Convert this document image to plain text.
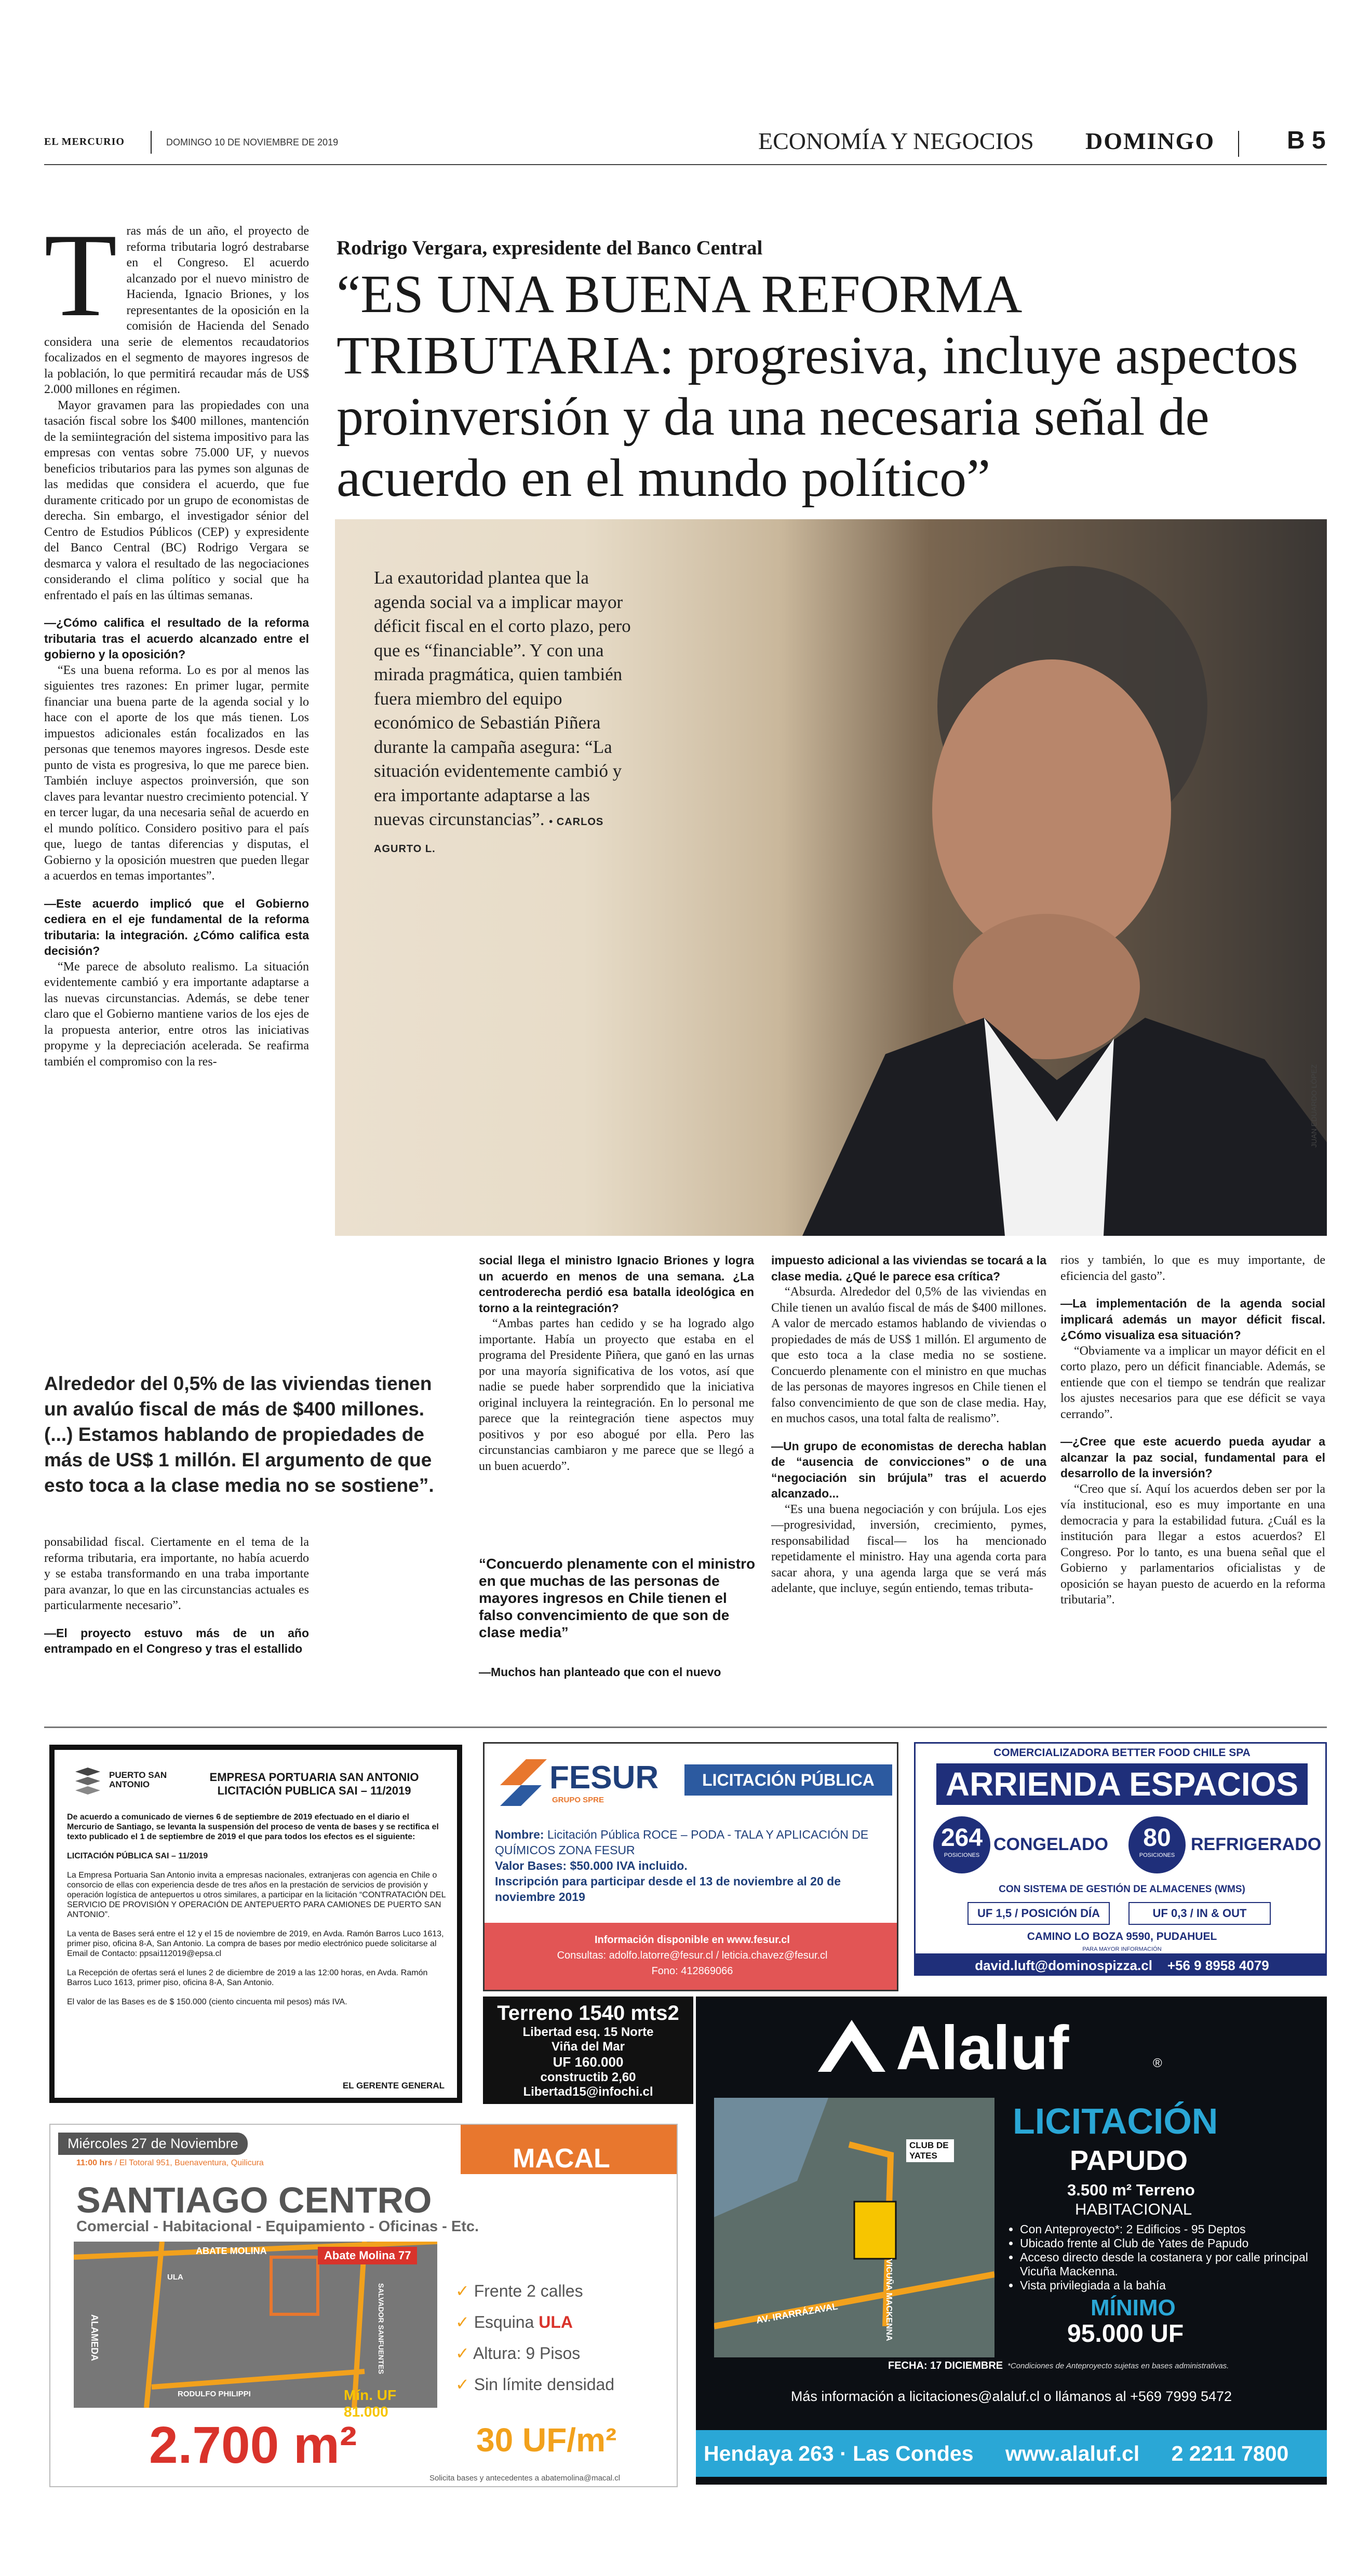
EL MERCURIO	DOMINGO 10 DE NOVIEMBRE DE 2019	ECONOMÍA Y NEGOCIOS DOMINGO	B 5
Rodrigo Vergara, expresidente del Banco Central
“ES UNA BUENA REFORMA TRIBUTARIA: progresiva, incluye aspectos proinversión y da una necesaria señal de acuerdo en el mundo político”
T ras más de un año, el proyecto de reforma tributaria logró destrabarse en el Congreso. El acuerdo alcanzado por el nuevo ministro de Hacienda, Ignacio Briones, y los representantes de la oposición en la comisión de Hacienda del Senado considera una serie de elementos recaudatorios focalizados en el segmento de mayores ingresos de la población, lo que permitirá recaudar más de US$ 2.000 millones en régimen.

Mayor gravamen para las propiedades con una tasación fiscal sobre los $400 millones, mantención de la semiintegración del sistema impositivo para las empresas con ventas sobre 75.000 UF, y nuevos beneficios tributarios para las pymes son algunas de las medidas que considera el acuerdo, que fue duramente criticado por un grupo de economistas de derecha. Sin embargo, el investigador sénior del Centro de Estudios Públicos (CEP) y expresidente del Banco Central (BC) Rodrigo Vergara se desmarca y valora el resultado de las negociaciones considerando el clima político y social que ha enfrentado el país en las últimas semanas.

—¿Cómo califica el resultado de la reforma tributaria tras el acuerdo alcanzado entre el gobierno y la oposición?

“Es una buena reforma. Lo es por al menos las siguientes tres razones: En primer lugar, permite financiar una buena parte de la agenda social y lo hace con el aporte de los que más tienen. Los impuestos adicionales están focalizados en las personas que tenemos mayores ingresos. Desde este punto de vista es progresiva, lo que me parece bien. También incluye aspectos proinversión, que son claves para levantar nuestro crecimiento potencial. Y en tercer lugar, da una necesaria señal de acuerdo en el mundo político. Considero positivo para el país que, luego de tantas diferencias y disputas, el Gobierno y la oposición muestren que pueden llegar a acuerdos en temas importantes”.

—Este acuerdo implicó que el Gobierno cediera en el eje fundamental de la reforma tributaria: la integración. ¿Cómo califica esta decisión?

“Me parece de absoluto realismo. La situación evidentemente cambió y era importante adaptarse a las nuevas circunstancias. Además, se debe tener claro que el Gobierno mantiene varios de los ejes de la propuesta anterior, entre otros las iniciativas propyme y la depreciación acelerada. Se reafirma también el compromiso con la res-

La exautoridad plantea que la agenda social va a implicar mayor déficit fiscal en el corto plazo, pero que es “financiable”. Y con una mirada pragmática, quien también fuera miembro del equipo económico de Sebastián Piñera durante la campaña asegura: “La situación evidentemente cambió y era importante adaptarse a las nuevas circunstancias”. • CARLOS AGURTO L.
JUAN EDUARDO LÓPEZ
Alrededor del 0,5% de las viviendas tienen un avalúo fiscal de más de $400 millones. (...) Estamos hablando de propiedades de más de US$ 1 millón. El argumento de que esto toca a la clase media no se sostiene”.

ponsabilidad fiscal. Ciertamente en el tema de la reforma tributaria, era importante, no había acuerdo y se estaba transformando en una traba importante para avanzar, lo que en las circunstancias actuales es particularmente necesario”.

—El proyecto estuvo más de un año entrampado en el Congreso y tras el estallido

social llega el ministro Ignacio Briones y logra un acuerdo en menos de una semana. ¿La centroderecha perdió esa batalla ideológica en torno a la reintegración?

“Ambas partes han cedido y se ha logrado algo importante. Había un proyecto que estaba en el programa del Presidente Piñera, que ganó en las urnas por una mayoría significativa de los votos, así que nadie se puede haber sorprendido que la iniciativa original incluyera la reintegración. En lo personal me parece que la reintegración tiene aspectos muy positivos y por eso abogué por ella. Pero las circunstancias cambiaron y me parece que se llegó a un buen acuerdo”.

“Concuerdo plenamente con el ministro en que muchas de las personas de mayores ingresos en Chile tienen el falso convencimiento de que son de clase media”

—Muchos han planteado que con el nuevo

impuesto adicional a las viviendas se tocará a la clase media. ¿Qué le parece esa crítica?

“Absurda. Alrededor del 0,5% de las viviendas en Chile tienen un avalúo fiscal de más de $400 millones. A valor de mercado estamos hablando de viviendas o propiedades de más de US$ 1 millón. El argumento de que esto toca a la clase media no se sostiene. Concuerdo plenamente con el ministro en que muchas de las personas de mayores ingresos en Chile tienen el falso convencimiento de que son de clase media. Hay, en muchos casos, una total falta de realismo”.

—Un grupo de economistas de derecha hablan de “ausencia de convicciones” o de una “negociación sin brújula” tras el acuerdo alcanzado...

“Es una buena negociación y con brújula. Los ejes —progresividad, inversión, crecimiento, pymes, responsabilidad fiscal— los ha mencionado repetidamente el ministro. Hay una agenda corta para sacar ahora, y una agenda larga que se verá más adelante, que incluye, según entiendo, temas tributa-

rios y también, lo que es muy importante, de eficiencia del gasto”.

—La implementación de la agenda social implicará además un mayor déficit fiscal. ¿Cómo visualiza esa situación?

“Obviamente va a implicar un mayor déficit en el corto plazo, pero un déficit financiable. Además, se entiende que con el tiempo se tendrán que realizar los ajustes necesarios para que ese déficit se vaya cerrando”.

—¿Cree que este acuerdo pueda ayudar a alcanzar la paz social, fundamental para el desarrollo de la inversión?

“Creo que sí. Aquí los acuerdos deben ser por la vía institucional, eso es muy importante en una democracia y para la estabilidad futura. ¿Cuál es la institución para llegar a estos acuerdos? El Congreso. Por lo tanto, es una buena señal que el Gobierno y parlamentarios oficialistas y de oposición se hayan puesto de acuerdo en la reforma tributaria”.

PUERTO SAN ANTONIO
EMPRESA PORTUARIA SAN ANTONIO LICITACIÓN PUBLICA SAI – 11/2019

De acuerdo a comunicado de viernes 6 de septiembre de 2019 efectuado en el diario el Mercurio de Santiago, se levanta la suspensión del proceso de venta de bases y se rectifica el texto publicado el 1 de septiembre de 2019 el que para todos los efectos es el siguiente:

LICITACIÓN PÚBLICA SAI – 11/2019

La Empresa Portuaria San Antonio invita a empresas nacionales, extranjeras con agencia en Chile o consorcio de ellas con experiencia desde de tres años en la prestación de servicios de provisión y operación logística de antepuertos u otros similares, a participar en la licitación “CONTRATACIÓN DEL SERVICIO DE PROVISIÓN Y OPERACIÓN DE ANTEPUERTO PARA CAMIONES DE PUERTO SAN ANTONIO”.

La venta de Bases será entre el 12 y el 15 de noviembre de 2019, en Avda. Ramón Barros Luco 1613, primer piso, oficina 8-A, San Antonio. La compra de bases por medio electrónico puede solicitarse al Email de Contacto: ppsai112019@epsa.cl

La Recepción de ofertas será el lunes 2 de diciembre de 2019 a las 12:00 horas, en Avda. Ramón Barros Luco 1613, primer piso, oficina 8-A, San Antonio.

El valor de las Bases es de $ 150.000 (ciento cincuenta mil pesos) más IVA.

EL GERENTE GENERAL
FESUR
GRUPO SPRE
LICITACIÓN PÚBLICA
Nombre: Licitación Pública ROCE – PODA - TALA Y APLICACIÓN DE QUÍMICOS ZONA FESUR
Valor Bases: $50.000 IVA incluido.
Inscripción para participar desde el 13 de noviembre al 20 de noviembre 2019
Información disponible en www.fesur.cl
Consultas: adolfo.latorre@fesur.cl / leticia.chavez@fesur.cl
Fono: 412869066
COMERCIALIZADORA BETTER FOOD CHILE SPA
ARRIENDA ESPACIOS
264
POSICIONES
CONGELADO	80
POSICIONES
REFRIGERADO
CON SISTEMA DE GESTIÓN DE ALMACENES (WMS)
UF 1,5 / POSICIÓN DÍA	UF 0,3 / IN & OUT
CAMINO LO BOZA 9590, PUDAHUEL
PARA MAYOR INFORMACIÓN
david.luft@dominospizza.cl +56 9 8958 4079
Terreno 1540 mts2
Libertad esq. 15 Norte
Viña del Mar
UF 160.000
constructib 2,60
Libertad15@infochi.cl
Alaluf	®
CLUB DE YATES
VICUÑA MACKENNA
AV. IRARRÁZAVAL
LICITACIÓN
PAPUDO
3.500 m² Terreno
HABITACIONAL
• Con Anteproyecto*: 2 Edificios - 95 Deptos
• Ubicado frente al Club de Yates de Papudo
• Acceso directo desde la costanera y por calle principal Vicuña Mackenna.
• Vista privilegiada a la bahía
MÍNIMO
95.000 UF
FECHA: 17 DICIEMBRE *Condiciones de Anteproyecto sujetas en bases administrativas.
Más información a licitaciones@alaluf.cl o llámanos al +569 7999 5472
Hendaya 263 · Las Condes www.alaluf.cl 2 2211 7800
Miércoles 27 de Noviembre
11:00 hrs / El Totoral 951, Buenaventura, Quilicura	MACAL
SANTIAGO CENTRO
Comercial - Habitacional - Equipamiento - Oficinas - Etc.
ABATE MOLINA
ALAMEDA	SALVADOR SANFUENTES
RODULFO PHILIPPI
ULA
Abate Molina 77
Mín. UF 81.000
✓ Frente 2 calles
✓ Esquina ULA
✓ Altura: 9 Pisos
✓ Sin límite densidad
2.700 m²	30 UF/m²
Solicita bases y antecedentes a abatemolina@macal.cl
